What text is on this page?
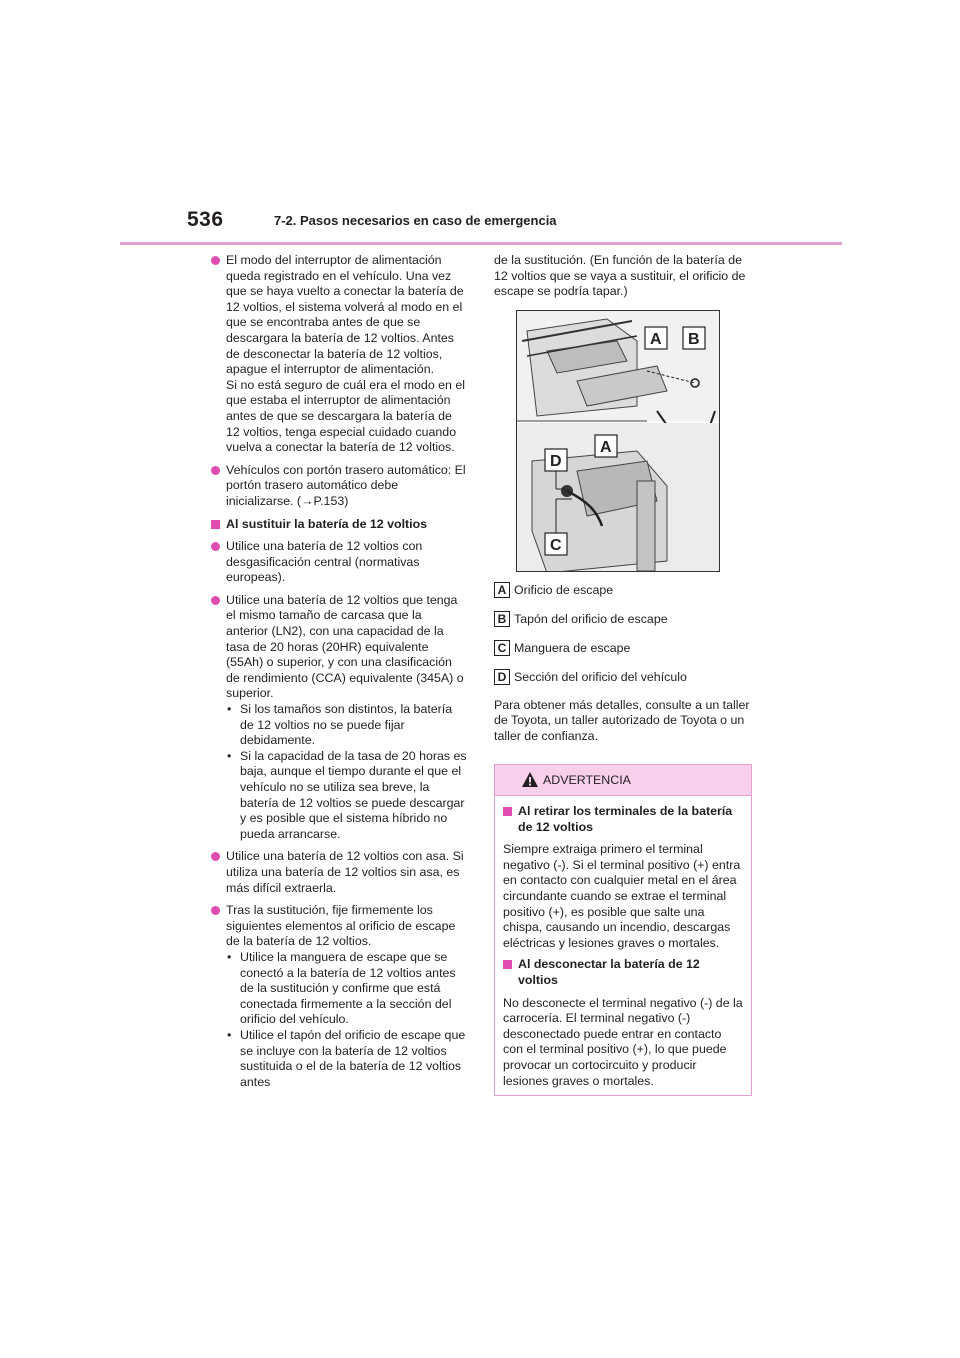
536	7-2. Pasos necesarios en caso de emergencia

El modo del interruptor de alimentación queda registrado en el vehículo. Una vez que se haya vuelto a conectar la batería de 12 voltios, el sistema volverá al modo en el que se encontraba antes de que se descargara la batería de 12 voltios. Antes de desconectar la batería de 12 voltios, apague el interruptor de alimentación.

Si no está seguro de cuál era el modo en el que estaba el interruptor de alimentación antes de que se descargara la batería de 12 voltios, tenga especial cuidado cuando vuelva a conectar la batería de 12 voltios.

Vehículos con portón trasero automático: El portón trasero automático debe inicializarse. (→P.153)

Al sustituir la batería de 12 voltios

Utilice una batería de 12 voltios con desgasificación central (normativas europeas).

Utilice una batería de 12 voltios que tenga el mismo tamaño de carcasa que la anterior (LN2), con una capacidad de la tasa de 20 horas (20HR) equivalente (55Ah) o superior, y con una clasificación de rendimiento (CCA) equivalente (345A) o superior.

• Si los tamaños son distintos, la batería de 12 voltios no se puede fijar debidamente.
• Si la capacidad de la tasa de 20 horas es baja, aunque el tiempo durante el que el vehículo no se utiliza sea breve, la batería de 12 voltios se puede descargar y es posible que el sistema híbrido no pueda arrancarse.

Utilice una batería de 12 voltios con asa. Si utiliza una batería de 12 voltios sin asa, es más difícil extraerla.

Tras la sustitución, fije firmemente los siguientes elementos al orificio de escape de la batería de 12 voltios.

• Utilice la manguera de escape que se conectó a la batería de 12 voltios antes de la sustitución y confirme que está conectada firmemente a la sección del orificio del vehículo.
• Utilice el tapón del orificio de escape que se incluye con la batería de 12 voltios sustituida o el de la batería de 12 voltios antes

de la sustitución. (En función de la batería de 12 voltios que se vaya a sustituir, el orificio de escape se podría tapar.)

A B
A
D
C
A Orificio de escape
B Tapón del orificio de escape
C Manguera de escape
D Sección del orificio del vehículo

Para obtener más detalles, consulte a un taller de Toyota, un taller autorizado de Toyota o un taller de confianza.

ADVERTENCIA
Al retirar los terminales de la batería de 12 voltios

Siempre extraiga primero el terminal negativo (-). Si el terminal positivo (+) entra en contacto con cualquier metal en el área circundante cuando se extrae el terminal positivo (+), es posible que salte una chispa, causando un incendio, descargas eléctricas y lesiones graves o mortales.

Al desconectar la batería de 12 voltios

No desconecte el terminal negativo (-) de la carrocería. El terminal negativo (-) desconectado puede entrar en contacto con el terminal positivo (+), lo que puede provocar un cortocircuito y producir lesiones graves o mortales.
